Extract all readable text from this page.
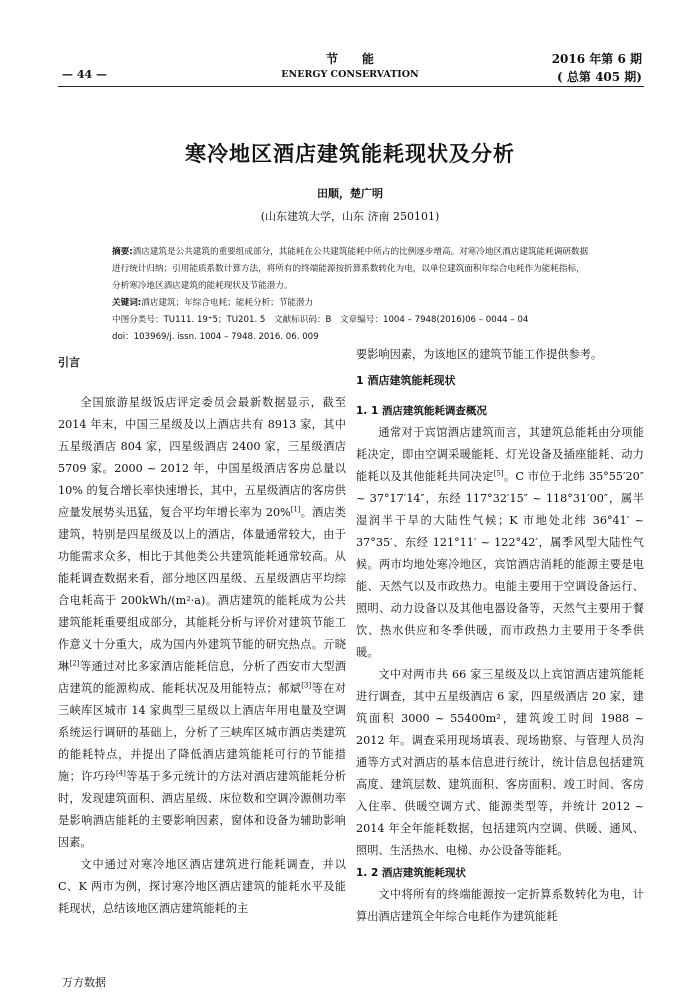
节　　能
ENERGY CONSERVATION
— 44 —
2016 年第 6 期
( 总第 405 期)
寒冷地区酒店建筑能耗现状及分析
田顺，楚广明
(山东建筑大学，山东 济南 250101)
摘要:酒店建筑是公共建筑的重要组成部分，其能耗在公共建筑能耗中所占的比例逐步增高。对寒冷地区酒店建筑能耗调研数据进行统计归纳；引用能质系数计算方法，将所有的终端能源按折算系数转化为电，以单位建筑面积年综合电耗作为能耗指标，分析寒冷地区酒店建筑的能耗现状及节能潜力。
关键词:酒店建筑；年综合电耗；能耗分析；节能潜力
中图分类号：TU111. 19⁺5；TU201. 5　文献标识码：B　文章编号：1004 – 7948(2016)06 – 0044 – 04
doi：103969/j. issn. 1004 – 7948. 2016. 06. 009
引言

全国旅游星级饭店评定委员会最新数据显示，截至 2014 年末，中国三星级及以上酒店共有 8913 家，其中五星级酒店 804 家，四星级酒店 2400 家，三星级酒店 5709 家。2000 ~ 2012 年，中国星级酒店客房总量以 10% 的复合增长率快速增长，其中，五星级酒店的客房供应量发展势头迅猛，复合平均年增长率为 20%[1]。酒店类建筑，特别是四星级及以上的酒店，体量通常较大，由于功能需求众多，相比于其他类公共建筑能耗通常较高。从能耗调查数据来看，部分地区四星级、五星级酒店平均综合电耗高于 200kWh/(m²·a)。酒店建筑的能耗成为公共建筑能耗重要组成部分，其能耗分析与评价对建筑节能工作意义十分重大，成为国内外建筑节能的研究热点。亓晓琳[2]等通过对比多家酒店能耗信息，分析了西安市大型酒店建筑的能源构成、能耗状况及用能特点；郝斌[3]等在对三峡库区城市 14 家典型三星级以上酒店年用电量及空调系统运行调研的基础上，分析了三峡库区城市酒店类建筑的能耗特点，并提出了降低酒店建筑能耗可行的节能措施；许巧玲[4]等基于多元统计的方法对酒店建筑能耗分析时，发现建筑面积、酒店星级、床位数和空调冷源侧功率是影响酒店能耗的主要影响因素，窗体和设备为辅助影响因素。

文中通过对寒冷地区酒店建筑进行能耗调查，并以 C、K 两市为例，探讨寒冷地区酒店建筑的能耗水平及能耗现状，总结该地区酒店建筑能耗的主

要影响因素，为该地区的建筑节能工作提供参考。

1 酒店建筑能耗现状
1. 1 酒店建筑能耗调查概况

通常对于宾馆酒店建筑而言，其建筑总能耗由分项能耗决定，即由空调采暖能耗、灯光设备及插座能耗、动力能耗以及其他能耗共同决定[5]。C 市位于北纬 35°55′20″ ~ 37°17′14″，东经 117°32′15″ ~ 118°31′00″，属半湿润半干旱的大陆性气候；K 市地处北纬 36°41′ ~ 37°35′、东经 121°11′ ~ 122°42′，属季风型大陆性气候。两市均地处寒冷地区，宾馆酒店消耗的能源主要是电能、天然气以及市政热力。电能主要用于空调设备运行、照明、动力设备以及其他电器设备等，天然气主要用于餐饮、热水供应和冬季供暖，而市政热力主要用于冬季供暖。

文中对两市共 66 家三星级及以上宾馆酒店建筑能耗进行调查，其中五星级酒店 6 家，四星级酒店 20 家，建筑面积 3000 ~ 55400m²，建筑竣工时间 1988 ~ 2012 年。调查采用现场填表、现场勘察、与管理人员沟通等方式对酒店的基本信息进行统计，统计信息包括建筑高度、建筑层数、建筑面积、客房面积、竣工时间、客房入住率、供暖空调方式、能源类型等，并统计 2012 ~ 2014 年全年能耗数据，包括建筑内空调、供暖、通风、照明、生活热水、电梯、办公设备等能耗。

1. 2 酒店建筑能耗现状

文中将所有的终端能源按一定折算系数转化为电，计算出酒店建筑全年综合电耗作为建筑能耗

万方数据
